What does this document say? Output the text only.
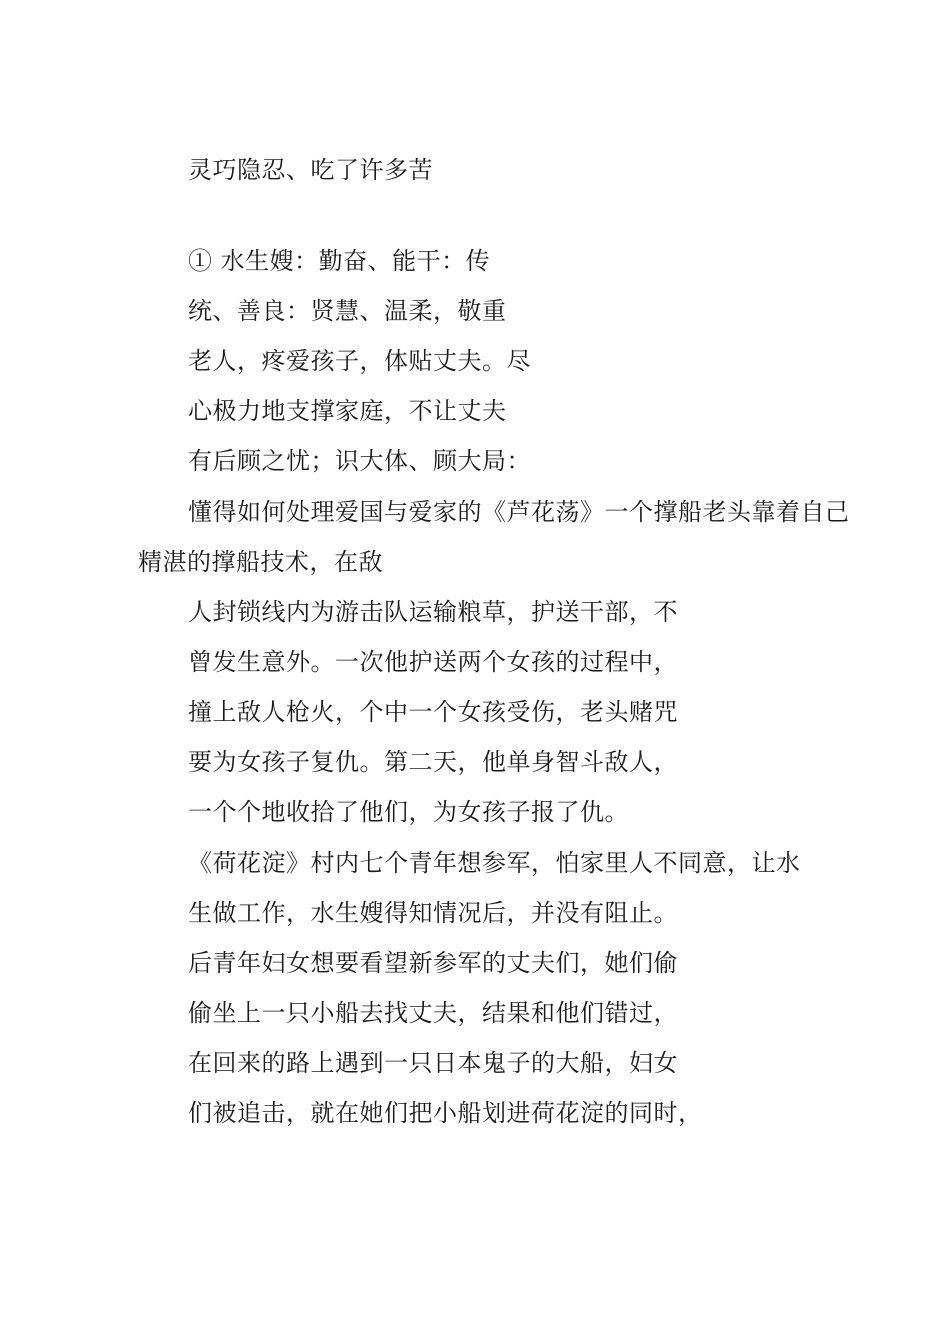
灵巧隐忍、吃了许多苦
① 水生嫂：勤奋、能干：传
统、善良：贤慧、温柔，敬重
老人，疼爱孩子，体贴丈夫。尽
心极力地支撑家庭，不让丈夫
有后顾之忧；识大体、顾大局：
懂得如何处理爱国与爱家的《芦花荡》一个撑船老头靠着自己
精湛的撑船技术，在敌
人封锁线内为游击队运输粮草，护送干部，不
曾发生意外。一次他护送两个女孩的过程中，
撞上敌人枪火，个中一个女孩受伤，老头赌咒
要为女孩子复仇。第二天，他单身智斗敌人，
一个个地收拾了他们，为女孩子报了仇。
《荷花淀》村内七个青年想参军，怕家里人不同意，让水
生做工作，水生嫂得知情况后，并没有阻止。
后青年妇女想要看望新参军的丈夫们，她们偷
偷坐上一只小船去找丈夫，结果和他们错过，
在回来的路上遇到一只日本鬼子的大船，妇女
们被追击，就在她们把小船划进荷花淀的同时，
